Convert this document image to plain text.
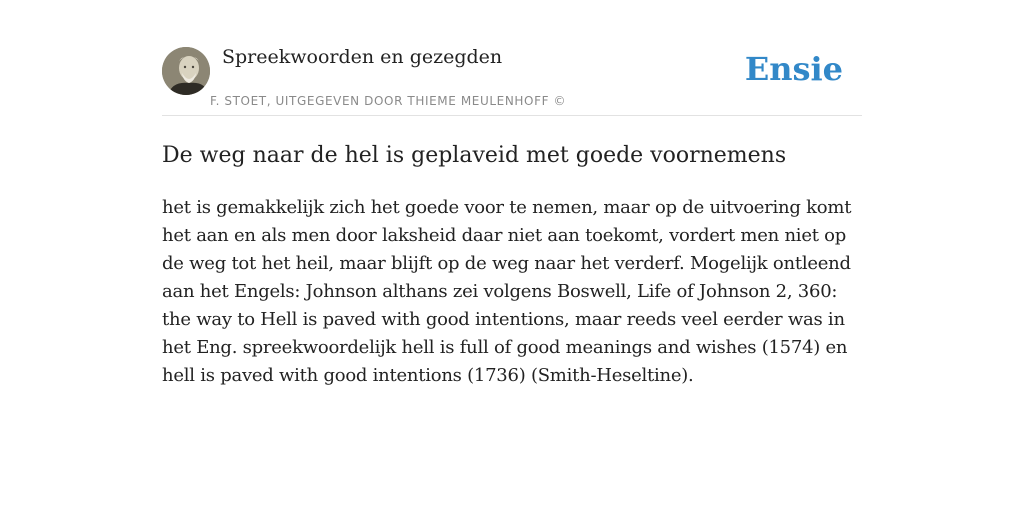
Spreekwoorden en gezegden
F. STOET, UITGEGEVEN DOOR THIEME MEULENHOFF ©
Ensie
De weg naar de hel is geplaveid met goede voornemens

het is gemakkelijk zich het goede voor te nemen, maar op de uitvoering komt het aan en als men door laksheid daar niet aan toekomt, vordert men niet op de weg tot het heil, maar blijft op de weg naar het verderf. Mogelijk ontleend aan het Engels: Johnson althans zei volgens Boswell, Life of Johnson 2, 360: the way to Hell is paved with good intentions, maar reeds veel eerder was in het Eng. spreekwoordelijk hell is full of good meanings and wishes (1574) en hell is paved with good intentions (1736) (Smith-Heseltine).
